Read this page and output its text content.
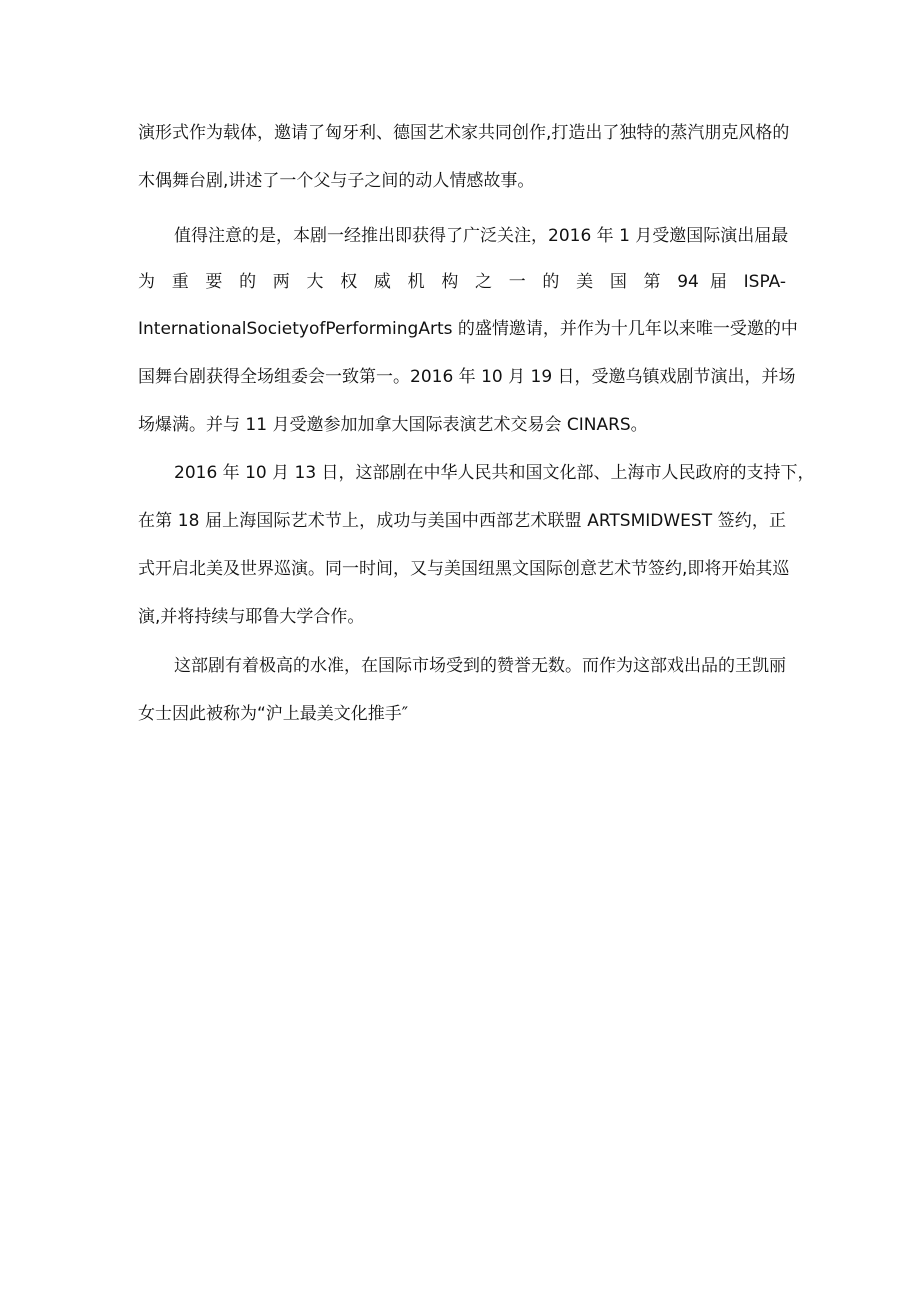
演形式作为载体，邀请了匈牙利、德国艺术家共同创作,打造出了独特的蒸汽朋克风格的
木偶舞台剧,讲述了一个父与子之间的动人情感故事。
值得注意的是，本剧一经推出即获得了广泛关注，2016 年 1 月受邀国际演出届最
为 重 要 的 两 大 权 威 机 构 之 一 的 美 国 第 94 届 ISPA-
InternationalSocietyofPerformingArts 的盛情邀请，并作为十几年以来唯一受邀的中
国舞台剧获得全场组委会一致第一。2016 年 10 月 19 日，受邀乌镇戏剧节演出，并场
场爆满。并与 11 月受邀参加加拿大国际表演艺术交易会 CINARS。
2016 年 10 月 13 日，这部剧在中华人民共和国文化部、上海市人民政府的支持下，
在第 18 届上海国际艺术节上，成功与美国中西部艺术联盟 ARTSMIDWEST 签约，正
式开启北美及世界巡演。同一时间，又与美国纽黑文国际创意艺术节签约,即将开始其巡
演,并将持续与耶鲁大学合作。
这部剧有着极高的水准，在国际市场受到的赞誉无数。而作为这部戏出品的王凯丽
女士因此被称为“沪上最美文化推手″
